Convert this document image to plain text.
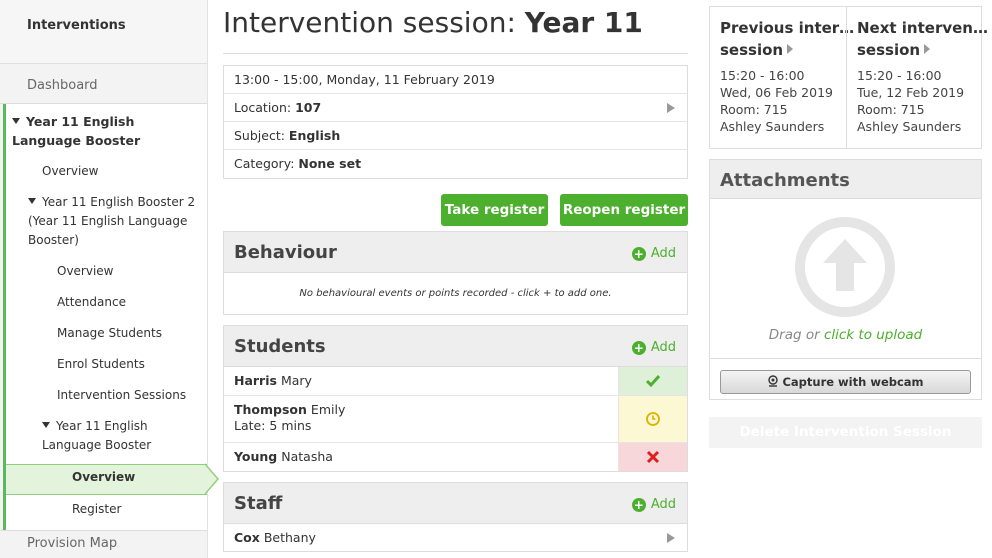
Interventions
Dashboard
Year 11 English Language Booster
Overview
Year 11 English Booster 2 (Year 11 English Language Booster)
Overview
Attendance
Manage Students
Enrol Students
Intervention Sessions
Year 11 English Language Booster
Overview
Register
Provision Map
Intervention session: Year 11
13:00 - 15:00, Monday, 11 February 2019
Location: 107
Subject: English
Category: None set
Take register Reopen register
Behaviour	+ Add
No behavioural events or points recorded - click + to add one.
Students	+ Add
Harris Mary
Thompson Emily
Late: 5 mins
Young Natasha
Staff	+ Add
Cox Bethany
Previous inter…
session
15:20 - 16:00
Wed, 06 Feb 2019
Room: 715
Ashley Saunders
Next interven…
session
15:20 - 16:00
Tue, 12 Feb 2019
Room: 715
Ashley Saunders
Attachments
Drag or click to upload
Capture with webcam
Delete Intervention Session
